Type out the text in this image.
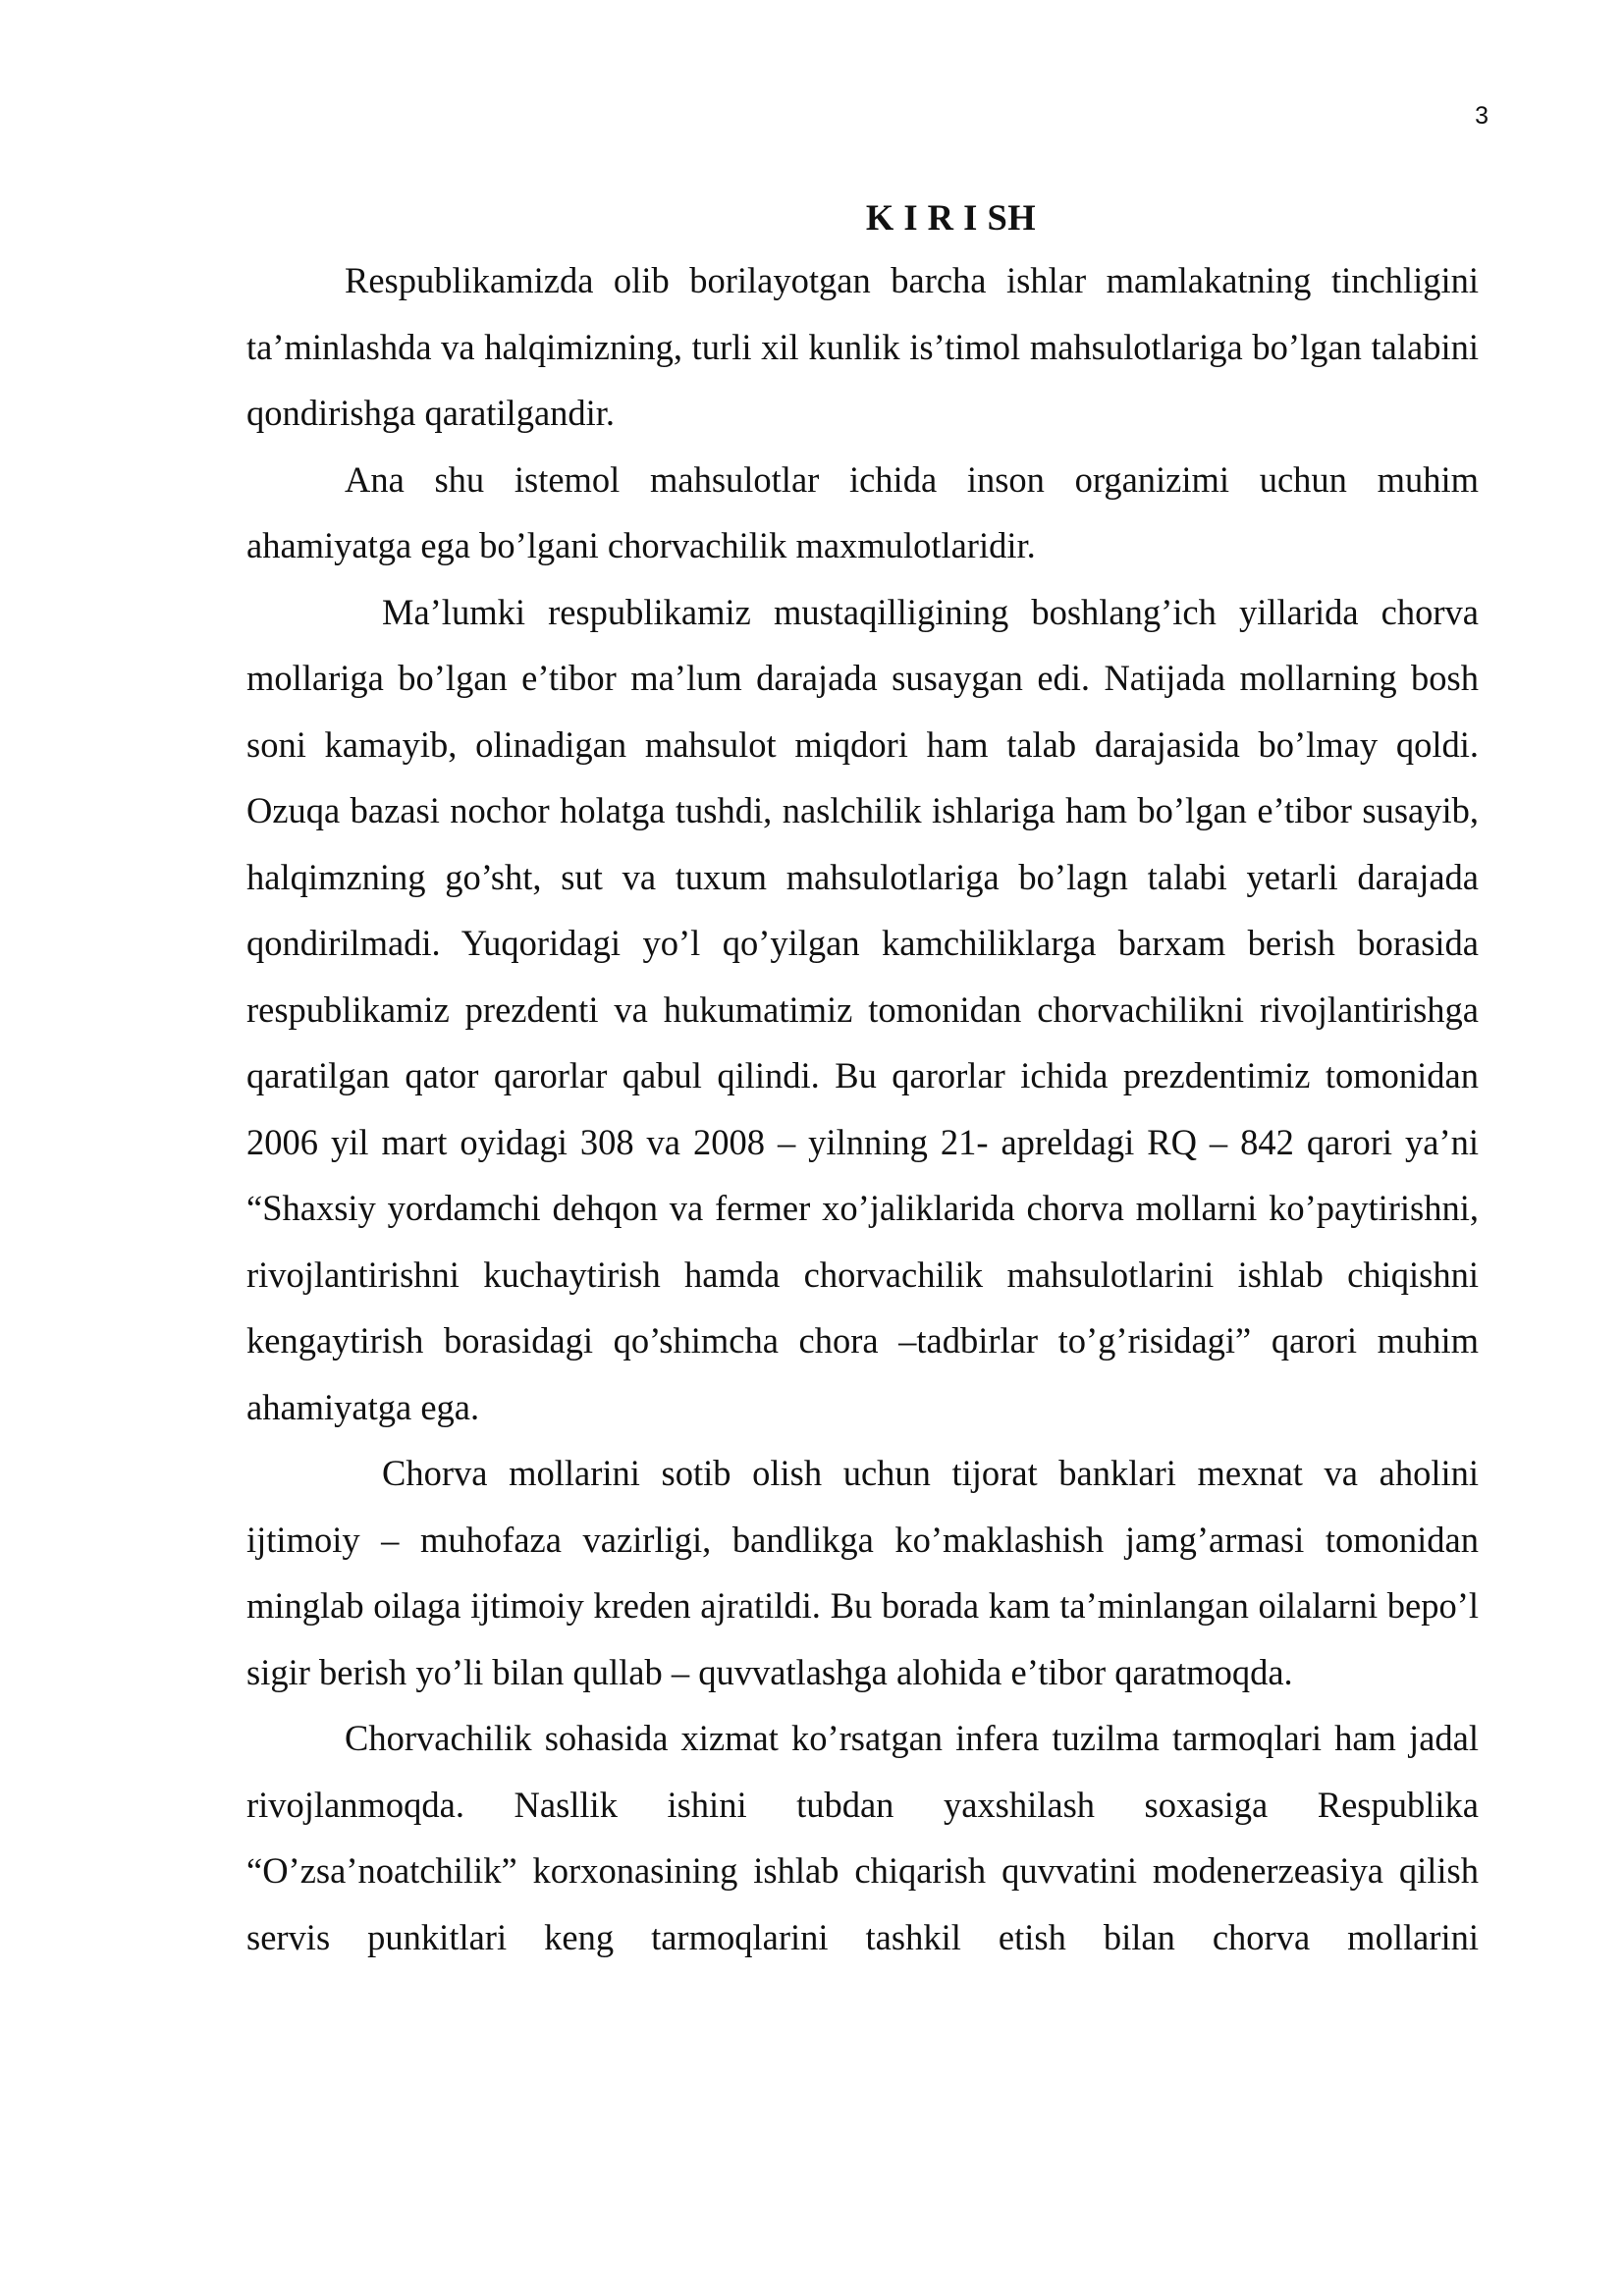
3
K I R I SH

Respublikamizda olib borilayotgan barcha ishlar mamlakatning tinchligini ta’minlashda va halqimizning, turli xil kunlik is’timol mahsulotlariga bo’lgan talabini qondirishga qaratilgandir.

Ana shu istemol mahsulotlar ichida inson organizimi uchun muhim ahamiyatga ega bo’lgani chorvachilik maxmulotlaridir.

Ma’lumki respublikamiz mustaqilligining boshlang’ich yillarida chorva mollariga bo’lgan e’tibor ma’lum darajada susaygan edi. Natijada mollarning bosh soni kamayib, olinadigan mahsulot miqdori ham talab darajasida bo’lmay qoldi. Ozuqa bazasi nochor holatga tushdi, naslchilik ishlariga ham bo’lgan e’tibor susayib, halqimzning go’sht, sut va tuxum mahsulotlariga bo’lagn talabi yetarli darajada qondirilmadi. Yuqoridagi yo’l qo’yilgan kamchiliklarga barxam berish borasida respublikamiz prezdenti va hukumatimiz tomonidan chorvachilikni rivojlantirishga qaratilgan qator qarorlar qabul qilindi. Bu qarorlar ichida prezdentimiz tomonidan 2006 yil mart oyidagi 308 va 2008 – yilnning 21- apreldagi RQ – 842 qarori ya’ni “Shaxsiy yordamchi dehqon va fermer xo’jaliklarida chorva mollarni ko’paytirishni, rivojlantirishni kuchaytirish hamda chorvachilik mahsulotlarini ishlab chiqishni kengaytirish borasidagi qo’shimcha chora –tadbirlar to’g’risidagi” qarori muhim ahamiyatga ega.

Chorva mollarini sotib olish uchun tijorat banklari mexnat va aholini ijtimoiy – muhofaza vazirligi, bandlikga ko’maklashish jamg’armasi tomonidan minglab oilaga ijtimoiy kreden ajratildi. Bu borada kam ta’minlangan oilalarni bepo’l sigir berish yo’li bilan qullab – quvvatlashga alohida e’tibor qaratmoqda.

Chorvachilik sohasida xizmat ko’rsatgan infera tuzilma tarmoqlari ham jadal rivojlanmoqda. Nasllik ishini tubdan yaxshilash soxasiga Respublika “O’zsa’noatchilik” korxonasining ishlab chiqarish quvvatini modenerzeasiya qilish servis punkitlari keng tarmoqlarini tashkil etish bilan chorva mollarini
